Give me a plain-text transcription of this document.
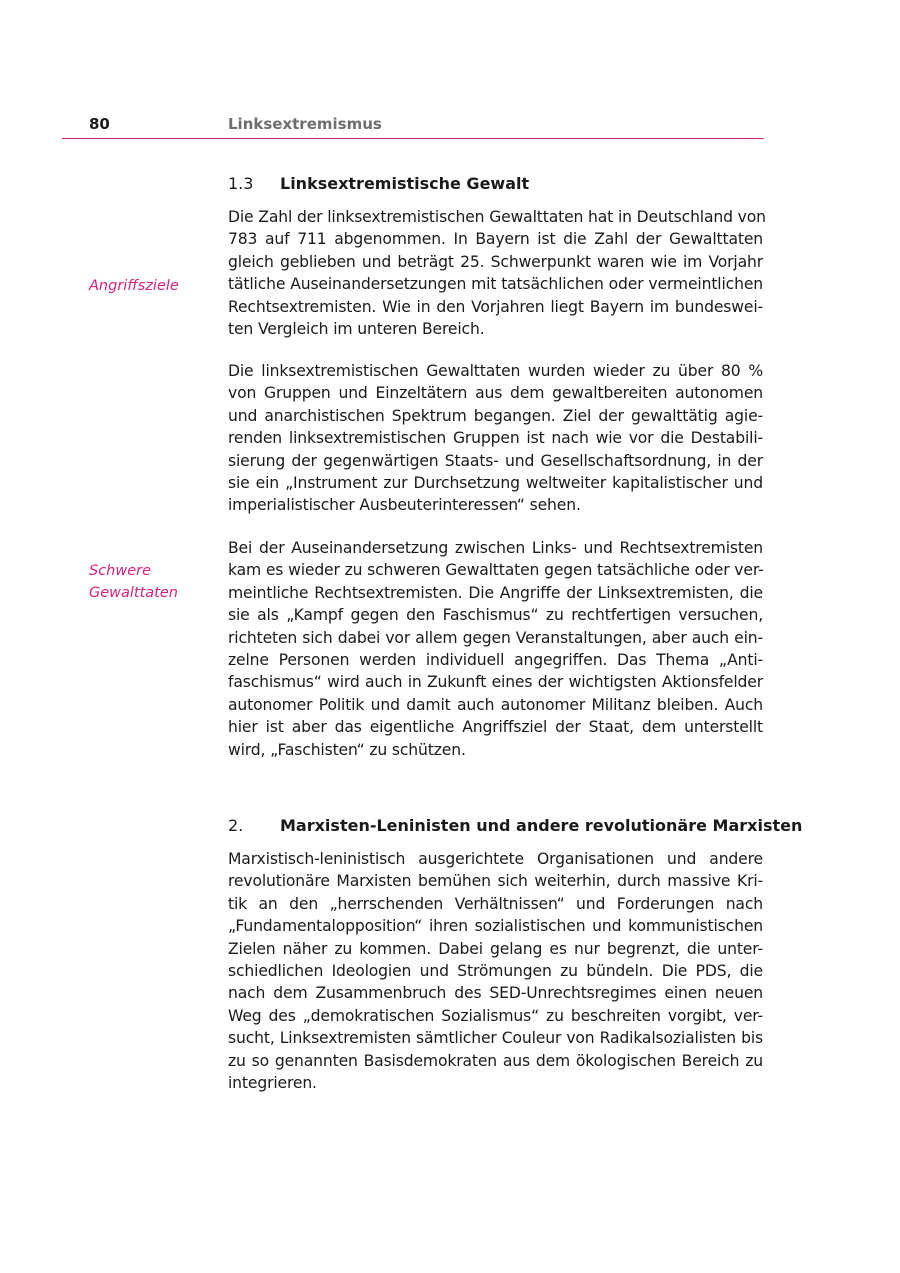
80	Linksextremismus
Angriffsziele
Schwere
Gewalttaten
1.3 Linksextremistische Gewalt
Die Zahl der linksextremistischen Gewalttaten hat in Deutschland von
783 auf 711 abgenommen. In Bayern ist die Zahl der Gewalttaten
gleich geblieben und beträgt 25. Schwerpunkt waren wie im Vorjahr
tätliche Auseinandersetzungen mit tatsächlichen oder vermeintlichen
Rechtsextremisten. Wie in den Vorjahren liegt Bayern im bundeswei-
ten Vergleich im unteren Bereich.
Die linksextremistischen Gewalttaten wurden wieder zu über 80 %
von Gruppen und Einzeltätern aus dem gewaltbereiten autonomen
und anarchistischen Spektrum begangen. Ziel der gewalttätig agie-
renden linksextremistischen Gruppen ist nach wie vor die Destabili-
sierung der gegenwärtigen Staats- und Gesellschaftsordnung, in der
sie ein „Instrument zur Durchsetzung weltweiter kapitalistischer und
imperialistischer Ausbeuterinteressen“ sehen.
Bei der Auseinandersetzung zwischen Links- und Rechtsextremisten
kam es wieder zu schweren Gewalttaten gegen tatsächliche oder ver-
meintliche Rechtsextremisten. Die Angriffe der Linksextremisten, die
sie als „Kampf gegen den Faschismus“ zu rechtfertigen versuchen,
richteten sich dabei vor allem gegen Veranstaltungen, aber auch ein-
zelne Personen werden individuell angegriffen. Das Thema „Anti-
faschismus“ wird auch in Zukunft eines der wichtigsten Aktionsfelder
autonomer Politik und damit auch autonomer Militanz bleiben. Auch
hier ist aber das eigentliche Angriffsziel der Staat, dem unterstellt
wird, „Faschisten“ zu schützen.
2. Marxisten-Leninisten und andere revolutionäre Marxisten
Marxistisch-leninistisch ausgerichtete Organisationen und andere
revolutionäre Marxisten bemühen sich weiterhin, durch massive Kri-
tik an den „herrschenden Verhältnissen“ und Forderungen nach
„Fundamentalopposition“ ihren sozialistischen und kommunistischen
Zielen näher zu kommen. Dabei gelang es nur begrenzt, die unter-
schiedlichen Ideologien und Strömungen zu bündeln. Die PDS, die
nach dem Zusammenbruch des SED-Unrechtsregimes einen neuen
Weg des „demokratischen Sozialismus“ zu beschreiten vorgibt, ver-
sucht, Linksextremisten sämtlicher Couleur von Radikalsozialisten bis
zu so genannten Basisdemokraten aus dem ökologischen Bereich zu
integrieren.
